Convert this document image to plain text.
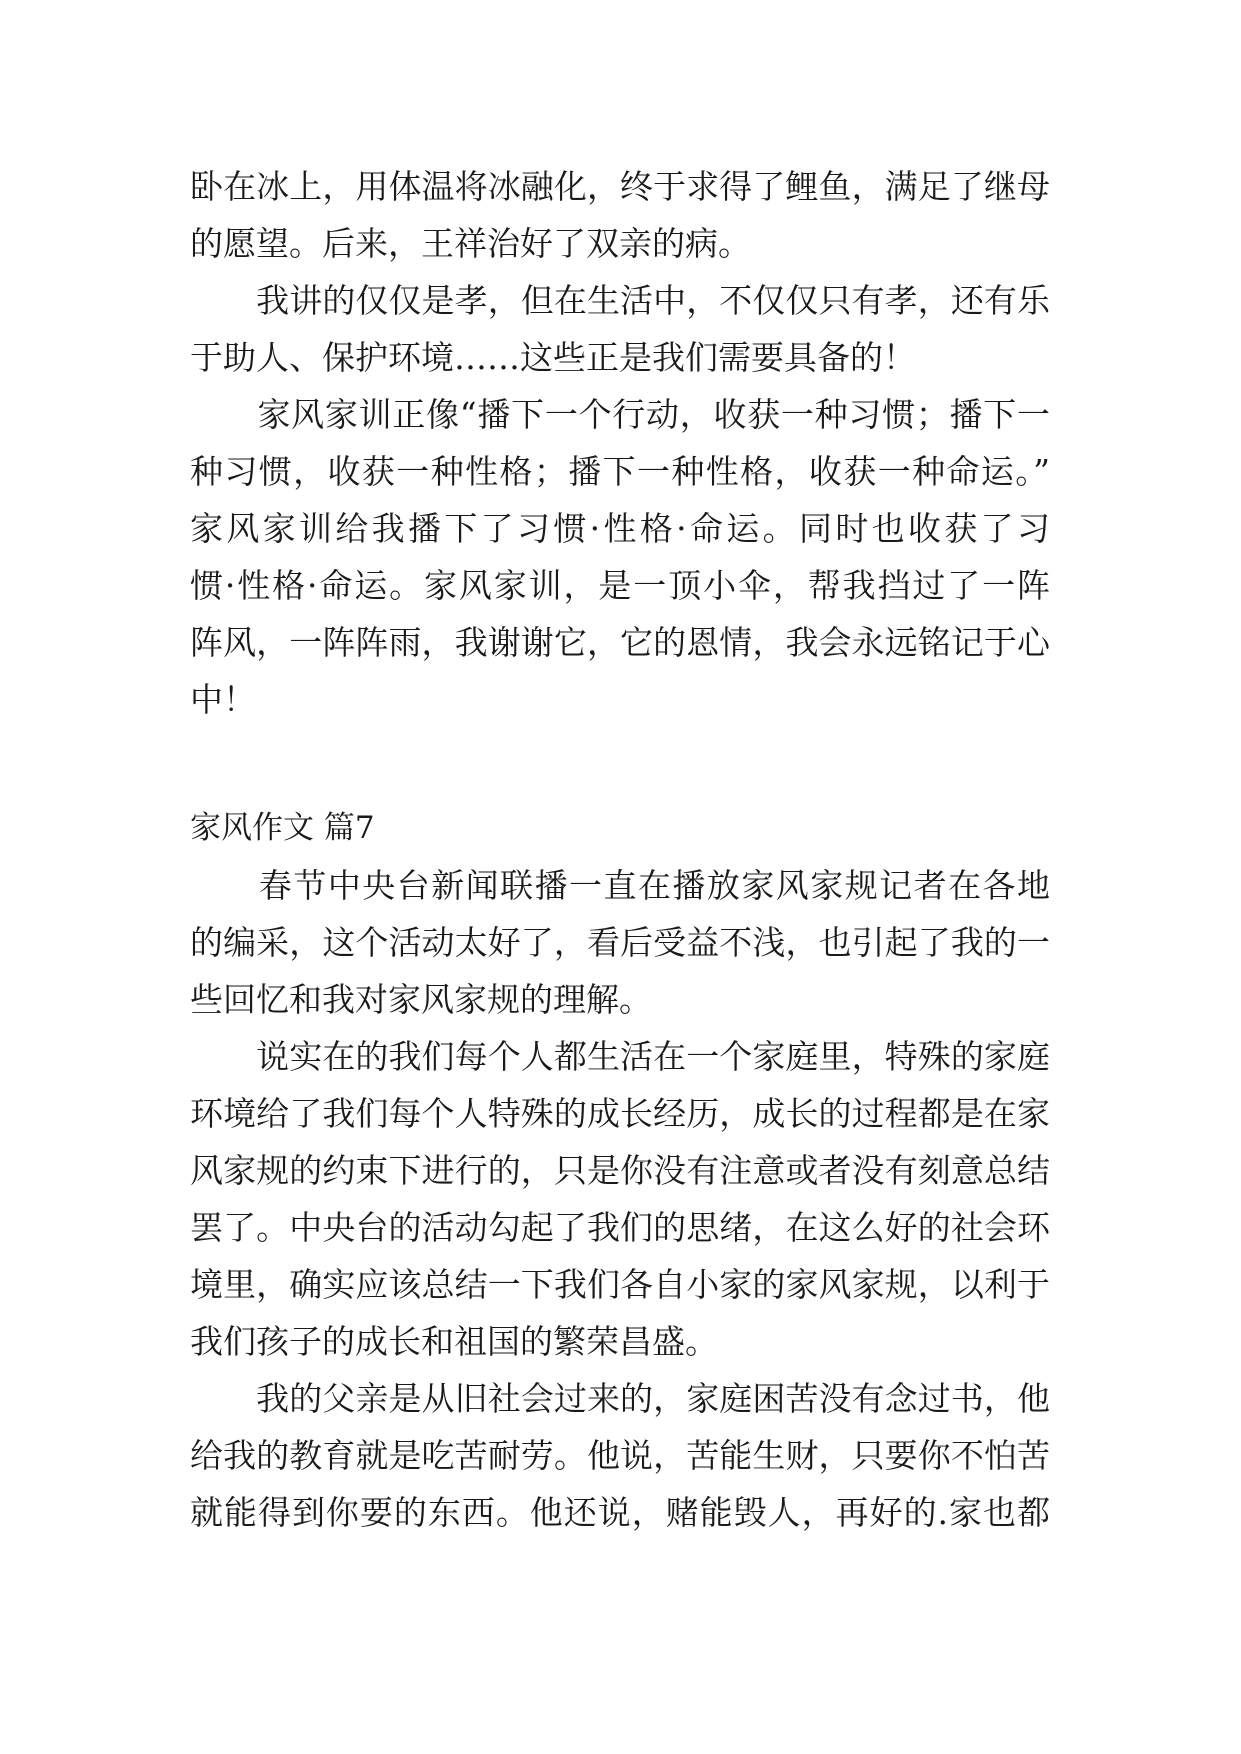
卧在冰上，用体温将冰融化，终于求得了鲤鱼，满足了继母
的愿望。后来，王祥治好了双亲的病。
　　我讲的仅仅是孝，但在生活中，不仅仅只有孝，还有乐
于助人、保护环境……这些正是我们需要具备的！
　　家风家训正像“播下一个行动，收获一种习惯；播下一
种习惯，收获一种性格；播下一种性格，收获一种命运。”
家风家训给我播下了习惯·性格·命运。同时也收获了习
惯·性格·命运。家风家训，是一顶小伞，帮我挡过了一阵
阵风，一阵阵雨，我谢谢它，它的恩情，我会永远铭记于心
中！
家风作文 篇7
　　春节中央台新闻联播一直在播放家风家规记者在各地
的编采，这个活动太好了，看后受益不浅，也引起了我的一
些回忆和我对家风家规的理解。
　　说实在的我们每个人都生活在一个家庭里，特殊的家庭
环境给了我们每个人特殊的成长经历，成长的过程都是在家
风家规的约束下进行的，只是你没有注意或者没有刻意总结
罢了。中央台的活动勾起了我们的思绪，在这么好的社会环
境里，确实应该总结一下我们各自小家的家风家规，以利于
我们孩子的成长和祖国的繁荣昌盛。
　　我的父亲是从旧社会过来的，家庭困苦没有念过书，他
给我的教育就是吃苦耐劳。他说，苦能生财，只要你不怕苦
就能得到你要的东西。他还说，赌能毁人，再好的.家也都
